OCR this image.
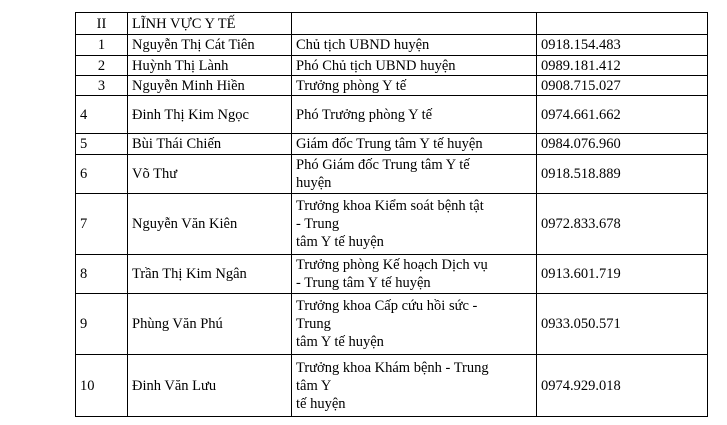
II	LĨNH VỰC Y TẾ		
1	Nguyễn Thị Cát Tiên	Chủ tịch UBND huyện	0918.154.483
2	Huỳnh Thị Lành	Phó Chủ tịch UBND huyện	0989.181.412
3	Nguyễn Minh Hiền	Trưởng phòng Y tế	0908.715.027
4	Đinh Thị Kim Ngọc	Phó Trưởng phòng Y tế	0974.661.662
5	Bùi Thái Chiến	Giám đốc Trung tâm Y tế huyện	0984.076.960
6	Võ Thư	Phó Giám đốc Trung tâm Y tế
huyện	0918.518.889
7	Nguyễn Văn Kiên	Trưởng khoa Kiểm soát bệnh tật
- Trung
tâm Y tế huyện	0972.833.678
8	Trần Thị Kim Ngân	Trưởng phòng Kế hoạch Dịch vụ
- Trung tâm Y tế huyện	0913.601.719
9	Phùng Văn Phú	Trưởng khoa Cấp cứu hồi sức -
Trung
tâm Y tế huyện	0933.050.571
10	Đinh Văn Lưu	Trưởng khoa Khám bệnh - Trung
tâm Y
tế huyện	0974.929.018
